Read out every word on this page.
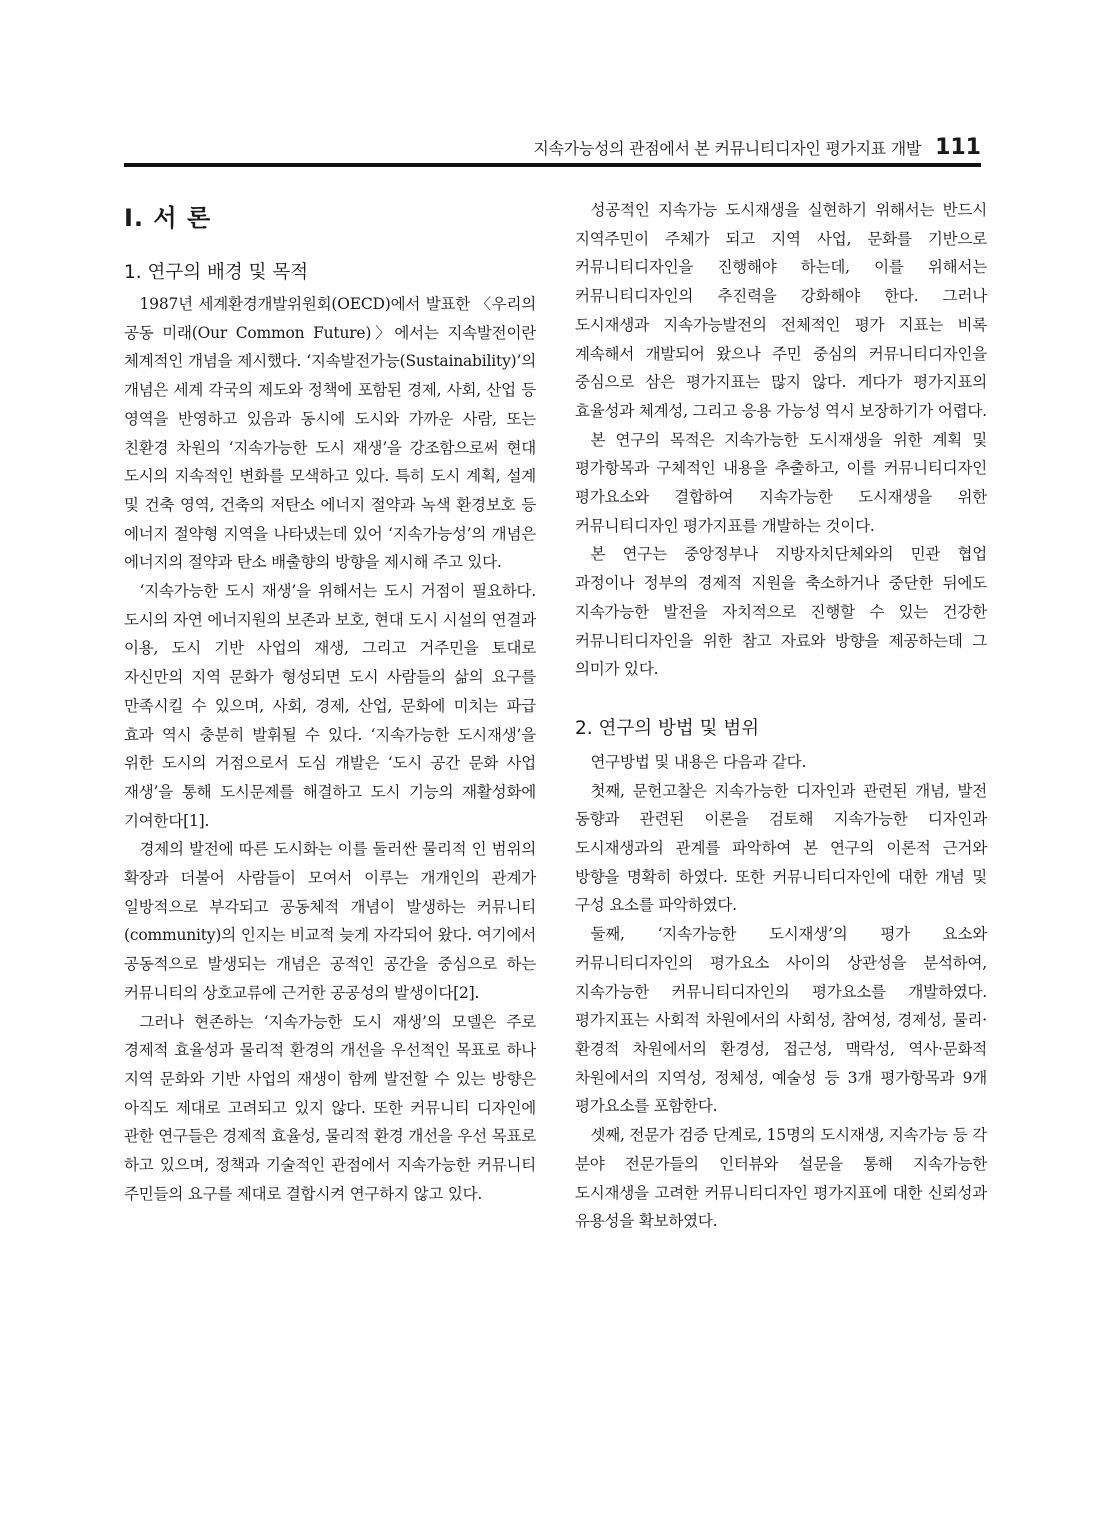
지속가능성의 관점에서 본 커뮤니티디자인 평가지표 개발 111
I. 서 론
1. 연구의 배경 및 목적

1987년 세계환경개발위원회(OECD)에서 발표한 〈우리의 공동 미래(Our Common Future)〉에서는 지속발전이란 체계적인 개념을 제시했다. ‘지속발전가능(Sustainability)’의 개념은 세계 각국의 제도와 정책에 포함된 경제, 사회, 산업 등 영역을 반영하고 있음과 동시에 도시와 가까운 사람, 또는 친환경 차원의 ‘지속가능한 도시 재생’을 강조함으로써 현대 도시의 지속적인 변화를 모색하고 있다. 특히 도시 계획, 설계 및 건축 영역, 건축의 저탄소 에너지 절약과 녹색 환경보호 등 에너지 절약형 지역을 나타냈는데 있어 ‘지속가능성’의 개념은 에너지의 절약과 탄소 배출향의 방향을 제시해 주고 있다.

‘지속가능한 도시 재생’을 위해서는 도시 거점이 필요하다. 도시의 자연 에너지원의 보존과 보호, 현대 도시 시설의 연결과 이용, 도시 기반 사업의 재생, 그리고 거주민을 토대로 자신만의 지역 문화가 형성되면 도시 사람들의 삶의 요구를 만족시킬 수 있으며, 사회, 경제, 산업, 문화에 미치는 파급 효과 역시 충분히 발휘될 수 있다. ‘지속가능한 도시재생’을 위한 도시의 거점으로서 도심 개발은 ‘도시 공간 문화 사업 재생’을 통해 도시문제를 해결하고 도시 기능의 재활성화에 기여한다[1].

경제의 발전에 따른 도시화는 이를 둘러싼 물리적 인 범위의 확장과 더불어 사람들이 모여서 이루는 개개인의 관계가 일방적으로 부각되고 공동체적 개념이 발생하는 커뮤니티(community)의 인지는 비교적 늦게 자각되어 왔다. 여기에서 공동적으로 발생되는 개념은 공적인 공간을 중심으로 하는 커뮤니티의 상호교류에 근거한 공공성의 발생이다[2].

그러나 현존하는 ‘지속가능한 도시 재생’의 모델은 주로 경제적 효율성과 물리적 환경의 개선을 우선적인 목표로 하나 지역 문화와 기반 사업의 재생이 함께 발전할 수 있는 방향은 아직도 제대로 고려되고 있지 않다. 또한 커뮤니티 디자인에 관한 연구들은 경제적 효율성, 물리적 환경 개선을 우선 목표로 하고 있으며, 정책과 기술적인 관점에서 지속가능한 커뮤니티 주민들의 요구를 제대로 결합시켜 연구하지 않고 있다.

성공적인 지속가능 도시재생을 실현하기 위해서는 반드시 지역주민이 주체가 되고 지역 사업, 문화를 기반으로 커뮤니티디자인을 진행해야 하는데, 이를 위해서는 커뮤니티디자인의 추진력을 강화해야 한다. 그러나 도시재생과 지속가능발전의 전체적인 평가 지표는 비록 계속해서 개발되어 왔으나 주민 중심의 커뮤니티디자인을 중심으로 삼은 평가지표는 많지 않다. 게다가 평가지표의 효율성과 체계성, 그리고 응용 가능성 역시 보장하기가 어렵다.

본 연구의 목적은 지속가능한 도시재생을 위한 계획 및 평가항목과 구체적인 내용을 추출하고, 이를 커뮤니티디자인 평가요소와 결합하여 지속가능한 도시재생을 위한 커뮤니티디자인 평가지표를 개발하는 것이다.

본 연구는 중앙정부나 지방자치단체와의 민관 협업 과정이나 정부의 경제적 지원을 축소하거나 중단한 뒤에도 지속가능한 발전을 자치적으로 진행할 수 있는 건강한 커뮤니티디자인을 위한 참고 자료와 방향을 제공하는데 그 의미가 있다.

2. 연구의 방법 및 범위

연구방법 및 내용은 다음과 같다.

첫째, 문헌고찰은 지속가능한 디자인과 관련된 개념, 발전 동향과 관련된 이론을 검토해 지속가능한 디자인과 도시재생과의 관계를 파악하여 본 연구의 이론적 근거와 방향을 명확히 하였다. 또한 커뮤니티디자인에 대한 개념 및 구성 요소를 파악하였다.

둘째, ‘지속가능한 도시재생’의 평가 요소와 커뮤니티디자인의 평가요소 사이의 상관성을 분석하여, 지속가능한 커뮤니티디자인의 평가요소를 개발하였다. 평가지표는 사회적 차원에서의 사회성, 참여성, 경제성, 물리·환경적 차원에서의 환경성, 접근성, 맥락성, 역사·문화적 차원에서의 지역성, 정체성, 예술성 등 3개 평가항목과 9개 평가요소를 포함한다.

셋째, 전문가 검증 단계로, 15명의 도시재생, 지속가능 등 각 분야 전문가들의 인터뷰와 설문을 통해 지속가능한 도시재생을 고려한 커뮤니티디자인 평가지표에 대한 신뢰성과 유용성을 확보하였다.
